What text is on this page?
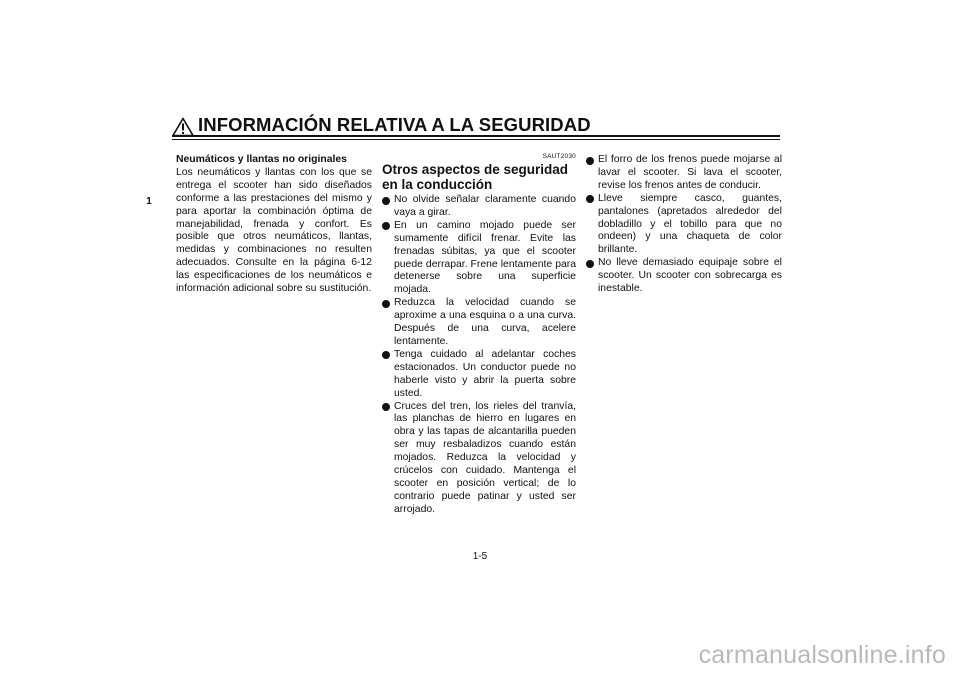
INFORMACIÓN RELATIVA A LA SEGURIDAD
1
Neumáticos y llantas no originales
Los neumáticos y llantas con los que se entrega el scooter han sido diseñados conforme a las prestaciones del mismo y para aportar la combinación óptima de manejabilidad, frenada y confort. Es posible que otros neumáticos, llantas, medidas y combinaciones no resulten adecuados. Consulte en la página 6-12 las especificaciones de los neumáticos e información adicional sobre su sustitución.
SAUT2030
Otros aspectos de seguridad en la conducción
No olvide señalar claramente cuando vaya a girar.
En un camino mojado puede ser sumamente difícil frenar. Evite las frenadas súbitas, ya que el scooter puede derrapar. Frene lentamente para detenerse sobre una superficie mojada.
Reduzca la velocidad cuando se aproxime a una esquina o a una curva. Después de una curva, acelere lentamente.
Tenga cuidado al adelantar coches estacionados. Un conductor puede no haberle visto y abrir la puerta sobre usted.
Cruces del tren, los rieles del tranvía, las planchas de hierro en lugares en obra y las tapas de alcantarilla pueden ser muy resbaladizos cuando están mojados. Reduzca la velocidad y crúcelos con cuidado. Mantenga el scooter en posición vertical; de lo contrario puede patinar y usted ser arrojado.
El forro de los frenos puede mojarse al lavar el scooter. Si lava el scooter, revise los frenos antes de conducir.
Lleve siempre casco, guantes, pantalones (apretados alrededor del dobladillo y el tobillo para que no ondeen) y una chaqueta de color brillante.
No lleve demasiado equipaje sobre el scooter. Un scooter con sobrecarga es inestable.
1-5
carmanualsonline.info
